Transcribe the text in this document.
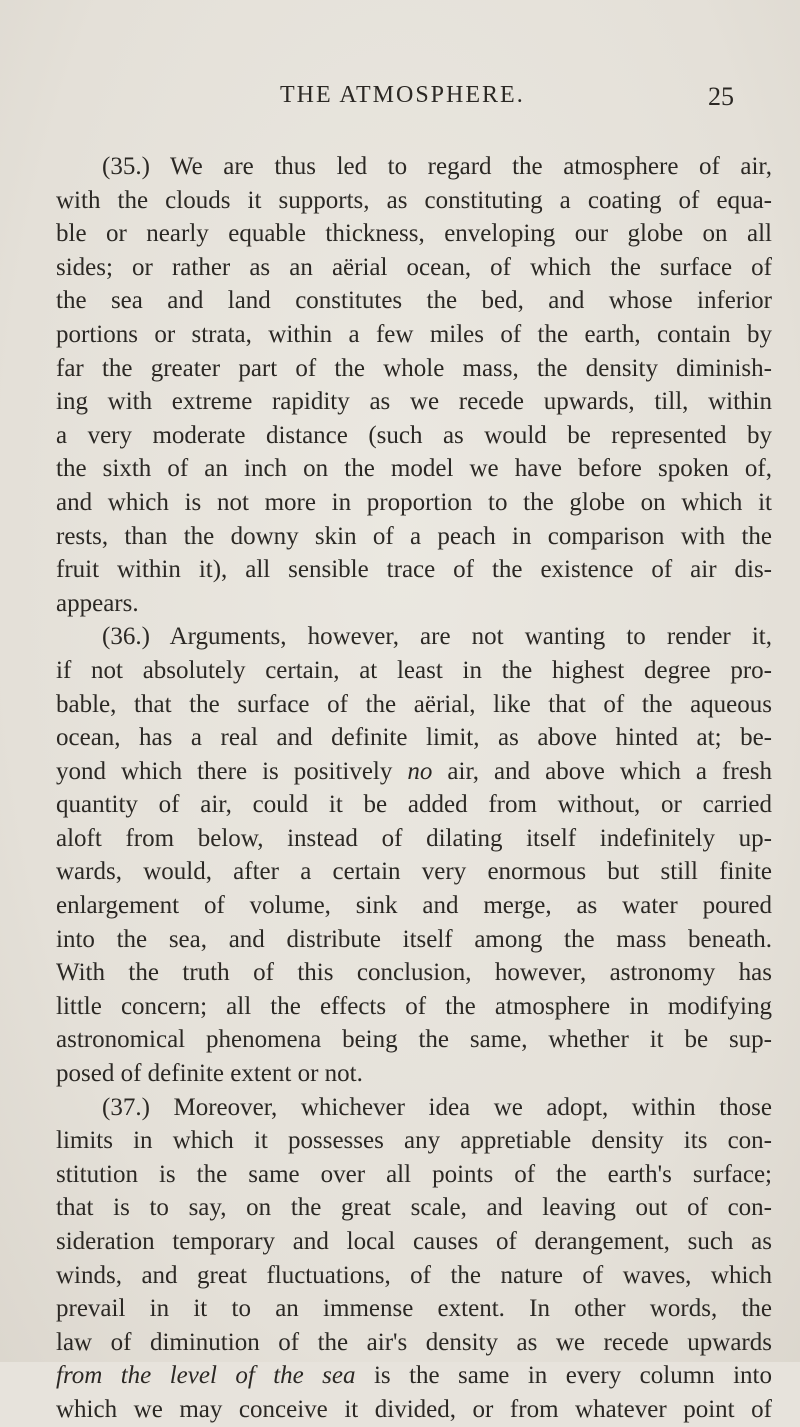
THE ATMOSPHERE.	25
(35.) We are thus led to regard the atmosphere of air,
with the clouds it supports, as constituting a coating of equa-
ble or nearly equable thickness, enveloping our globe on all
sides; or rather as an aërial ocean, of which the surface of
the sea and land constitutes the bed, and whose inferior
portions or strata, within a few miles of the earth, contain by
far the greater part of the whole mass, the density diminish-
ing with extreme rapidity as we recede upwards, till, within
a very moderate distance (such as would be represented by
the sixth of an inch on the model we have before spoken of,
and which is not more in proportion to the globe on which it
rests, than the downy skin of a peach in comparison with the
fruit within it), all sensible trace of the existence of air dis-
appears.
(36.) Arguments, however, are not wanting to render it,
if not absolutely certain, at least in the highest degree pro-
bable, that the surface of the aërial, like that of the aqueous
ocean, has a real and definite limit, as above hinted at; be-
yond which there is positively no air, and above which a fresh
quantity of air, could it be added from without, or carried
aloft from below, instead of dilating itself indefinitely up-
wards, would, after a certain very enormous but still finite
enlargement of volume, sink and merge, as water poured
into the sea, and distribute itself among the mass beneath.
With the truth of this conclusion, however, astronomy has
little concern; all the effects of the atmosphere in modifying
astronomical phenomena being the same, whether it be sup-
posed of definite extent or not.
(37.) Moreover, whichever idea we adopt, within those
limits in which it possesses any appretiable density its con-
stitution is the same over all points of the earth's surface;
that is to say, on the great scale, and leaving out of con-
sideration temporary and local causes of derangement, such as
winds, and great fluctuations, of the nature of waves, which
prevail in it to an immense extent. In other words, the
law of diminution of the air's density as we recede upwards
from the level of the sea is the same in every column into
which we may conceive it divided, or from whatever point of
